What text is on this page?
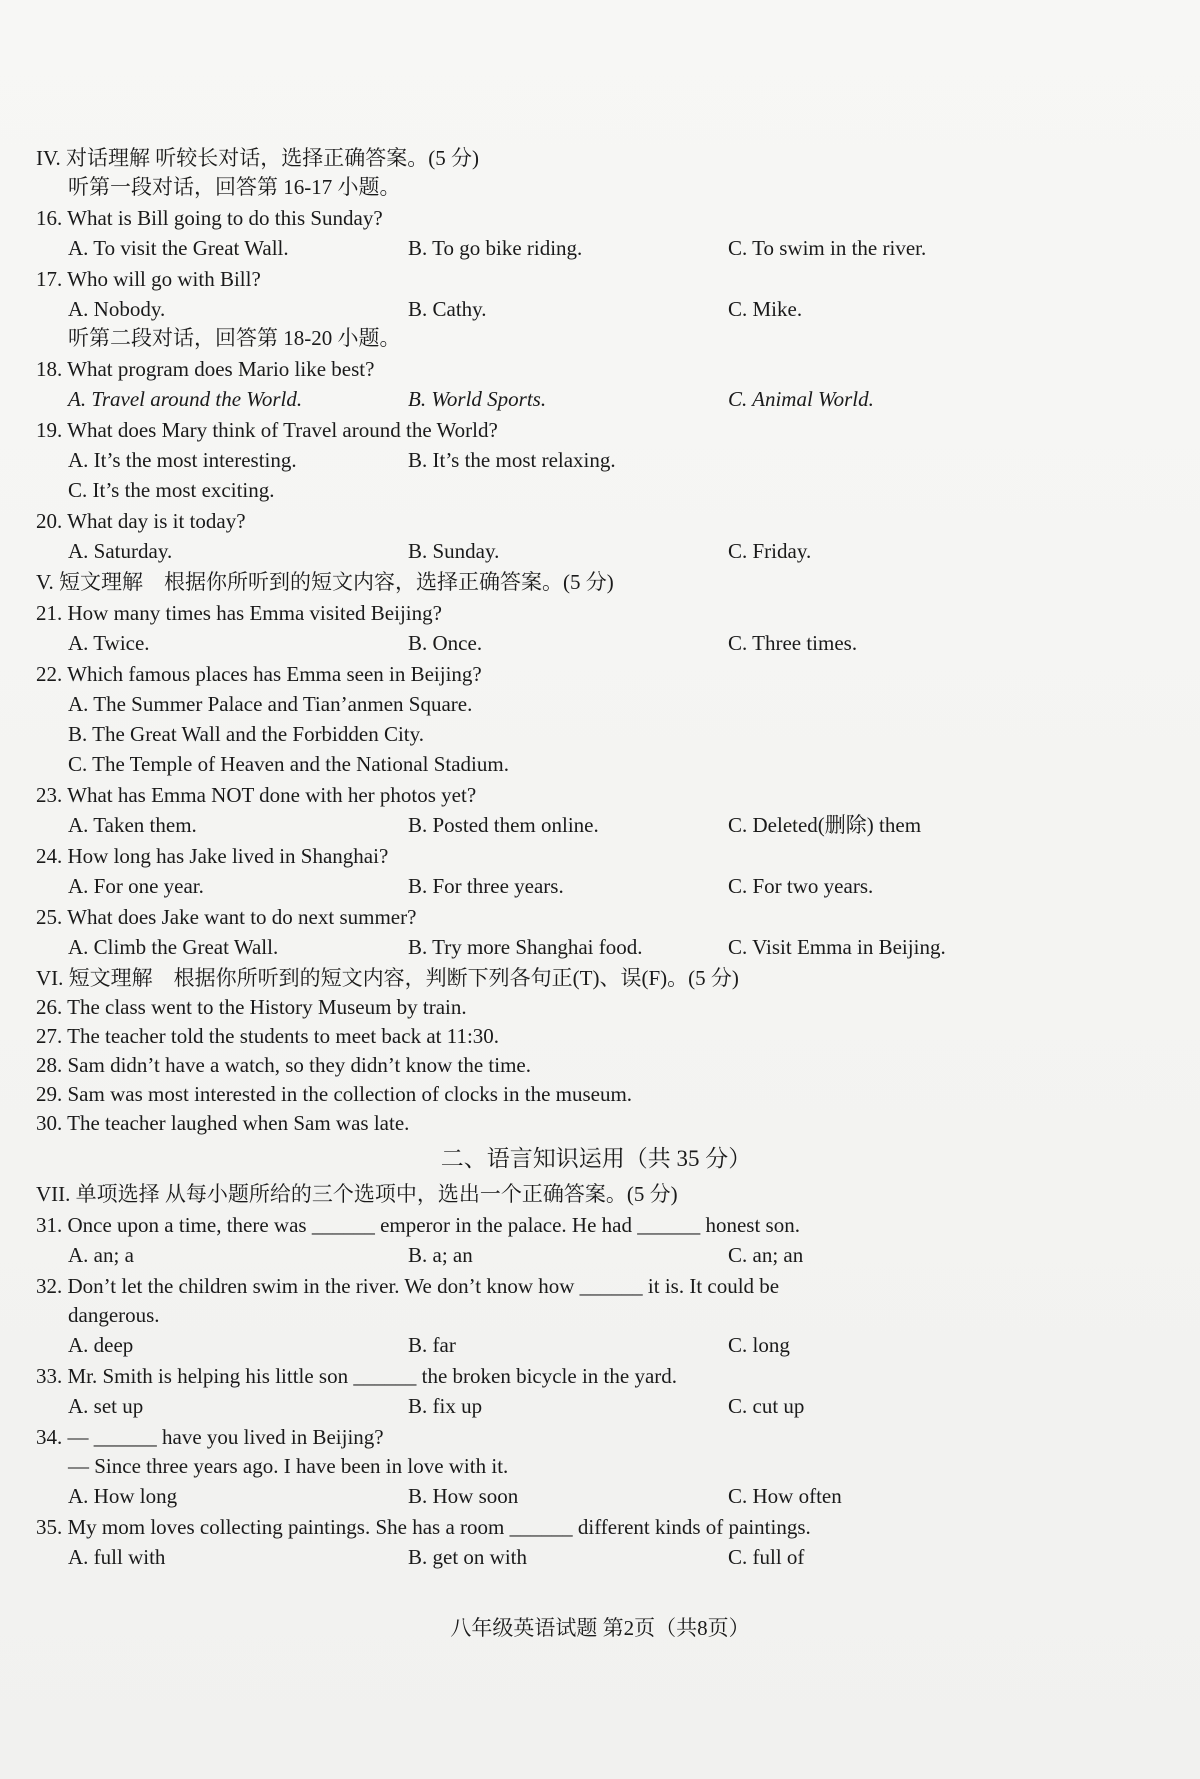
IV. 对话理解 听较长对话，选择正确答案。(5 分)
听第一段对话，回答第 16-17 小题。
16. What is Bill going to do this Sunday?
A. To visit the Great Wall.	B. To go bike riding.	C. To swim in the river.
17. Who will go with Bill?
A. Nobody.	B. Cathy.	C. Mike.
听第二段对话，回答第 18-20 小题。
18. What program does Mario like best?
A. Travel around the World.	B. World Sports.	C. Animal World.
19. What does Mary think of Travel around the World?
A. It’s the most interesting.	B. It’s the most relaxing.
C. It’s the most exciting.
20. What day is it today?
A. Saturday.	B. Sunday.	C. Friday.
V. 短文理解　根据你所听到的短文内容，选择正确答案。(5 分)
21. How many times has Emma visited Beijing?
A. Twice.	B. Once.	C. Three times.
22. Which famous places has Emma seen in Beijing?
A. The Summer Palace and Tian’anmen Square.
B. The Great Wall and the Forbidden City.
C. The Temple of Heaven and the National Stadium.
23. What has Emma NOT done with her photos yet?
A. Taken them.	B. Posted them online.	C. Deleted(删除) them
24. How long has Jake lived in Shanghai?
A. For one year.	B. For three years.	C. For two years.
25. What does Jake want to do next summer?
A. Climb the Great Wall.	B. Try more Shanghai food.	C. Visit Emma in Beijing.
VI. 短文理解　根据你所听到的短文内容，判断下列各句正(T)、误(F)。(5 分)
26. The class went to the History Museum by train.
27. The teacher told the students to meet back at 11:30.
28. Sam didn’t have a watch, so they didn’t know the time.
29. Sam was most interested in the collection of clocks in the museum.
30. The teacher laughed when Sam was late.
二、语言知识运用（共 35 分）
VII. 单项选择 从每小题所给的三个选项中，选出一个正确答案。(5 分)
31. Once upon a time, there was ______ emperor in the palace. He had ______ honest son.
A. an; a	B. a; an	C. an; an
32. Don’t let the children swim in the river. We don’t know how ______ it is. It could be
dangerous.
A. deep	B. far	C. long
33. Mr. Smith is helping his little son ______ the broken bicycle in the yard.
A. set up	B. fix up	C. cut up
34. — ______ have you lived in Beijing?
— Since three years ago. I have been in love with it.
A. How long	B. How soon	C. How often
35. My mom loves collecting paintings. She has a room ______ different kinds of paintings.
A. full with	B. get on with	C. full of
八年级英语试题 第2页（共8页）
